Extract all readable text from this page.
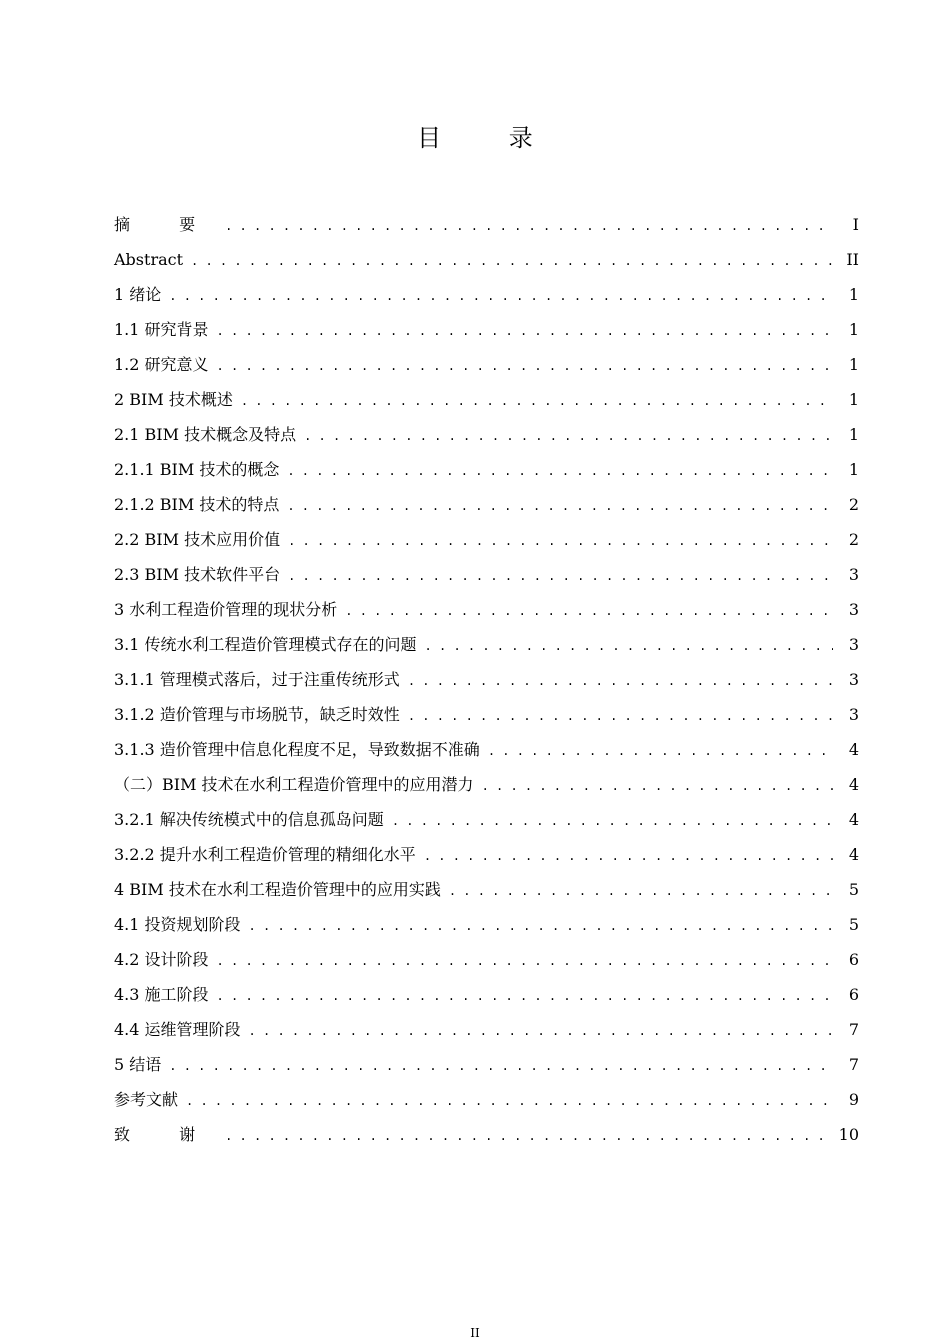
目 录
摘 要 . . .	I
Abstract . . .	II
1 绪论 . . .	1
1.1 研究背景 . . .	1
1.2 研究意义 . . .	1
2 BIM 技术概述 . . .	1
2.1 BIM 技术概念及特点 . . .	1
2.1.1 BIM 技术的概念 . . .	1
2.1.2 BIM 技术的特点 . . .	2
2.2 BIM 技术应用价值 . . .	2
2.3 BIM 技术软件平台 . . .	3
3 水利工程造价管理的现状分析 . . .	3
3.1 传统水利工程造价管理模式存在的问题 . . .	3
3.1.1 管理模式落后，过于注重传统形式 . . .	3
3.1.2 造价管理与市场脱节，缺乏时效性 . . .	3
3.1.3 造价管理中信息化程度不足，导致数据不准确 . . .	4
（二）BIM 技术在水利工程造价管理中的应用潜力 . . .	4
3.2.1 解决传统模式中的信息孤岛问题 . . .	4
3.2.2 提升水利工程造价管理的精细化水平 . . .	4
4 BIM 技术在水利工程造价管理中的应用实践 . . .	5
4.1 投资规划阶段 . . .	5
4.2 设计阶段 . . .	6
4.3 施工阶段 . . .	6
4.4 运维管理阶段 . . .	7
5 结语 . . .	7
参考文献 . . .	9
致 谢 . . .	10
II
